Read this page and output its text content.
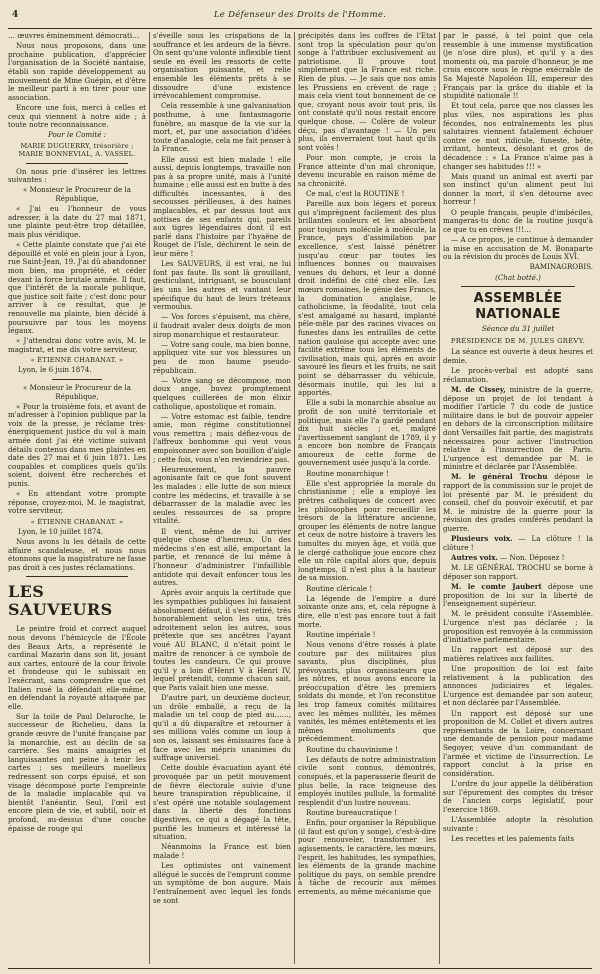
4	Le Défenseur des Droits de l'Homme.

… œuvres éminemment démocrati…

Nous nous proposons, dans une prochaine publication, d'apprécier l'organisation de la Société nantaise, établi son rapide développement au mouvement de Mme Guépin, et d'être le meilleur parti à en tirer pour une association.

Encore une fois, merci à celles et ceux qui viennent à notre aide ; à toute notre reconnaissance.

Pour le Comité :

MARIE DUGUERRY, trésorière ; MARIE BONNEVIAL, A. VASSEL.

On nous prie d'insérer les lettres suivantes :

« Monsieur le Procureur de la République,

« J'ai eu l'honneur de vous adresser, à la date du 27 mai 1871, une plainte peut-être trop détaillée, mais plus véridique.

« Cette plainte constate que j'ai été dépouillé et volé en plein jour à Lyon, rue Saint-Jean, 19. J'ai dû abandonner mon bien, ma propriété, et céder devant la force brutale armée. Il faut, que l'intérêt de la morale publique, que justice soit faite ; c'est donc pour arriver à ce résultat, que je renouvelle ma plainte, bien décidé à poursuivre par tous les moyens légaux.

« J'attendrai donc votre avis, M. le magistrat, et me dis votre serviteur,

« ÉTIENNE CHABANAT. »

Lyon, le 6 juin 1874.

« Monsieur le Procureur de la République,

« Pour la troisième fois, et avant de m'adresser à l'opinion publique par la voix de la presse, je réclame très-énergiquement justice du vol à main armée dont j'ai été victime suivant détails contenus dans mes plaintes en date des 27 mai et 6 juin 1871. Les coupables et complices quels qu'ils soient, doivent être recherchés et punis.

« En attendant votre prompte réponse, croyez-moi, M. le magistrat, votre serviteur,

« ÉTIENNE CHABANAT. »

Lyon, le 10 juillet 1874.

Nous avons lu les détails de cette affaire scandaleuse, et nous nous étonnons que la magistrature ne fasse pas droit à ces justes réclamations.

LES SAUVEURS

Le peintre froid et correct auquel nous devons l'hémicycle de l'École des Beaux Arts, a représenté le cardinal Mazarin dans son lit, jouant aux cartes, entouré de la cour frivole et frondeuse qui le subissait en l'exécrant, sans comprendre que cet Italien rusé la défendait elle-même, en défendant la royauté attaquée par elle.

Sur la toile de Paul Delaroche, le successeur de Richelieu, dans la grande œuvre de l'unité française par la monarchie, est au déclin de sa carrière. Ses mains amaigries et languissantes ont peine à tenir les cartes ; ses meilleurs moelleux redressent son corps épuisé, et son visage décomposé porte l'empreinte de la maladie implacable qui va bientôt l'anéantir. Seul, l'œil est encore plein de vie, et subtil, noir et profond, au-dessus d'une couche épaisse de rouge qui

s'éveille sous les crispations de la souffrance et les ardeurs de la fièvre. On sent qu'une volonté inflexible tient seule en éveil les ressorts de cette organisation puissante, et relie ensemble les éléments prêts à se dissoudre d'une existence irrévocablement compromise.

Cela ressemble à une galvanisation posthume, à une fantasmagorie funèbre, au masque de la vie sur la mort, et, par une association d'idées toute d'analogie, cela me fait penser à la France.

Elle aussi est bien malade ! elle aussi, depuis longtemps, travaille non pas à sa propre unité, mais à l'unité humaine ; elle aussi est en butte à des difficultés incessantes, à des secousses périlleuses, à des haines implacables, et par dessus tout aux sottises de ses enfants qui, pareils aux tigres légendaires dont il est parlé dans l'histoire par l'hyaëne de Rouget de l'Isle, déchirent le sein de leur mère !

Les SAUVEURS, il est vrai, ne lui font pas faute. Ils sont là grouillant, gesticulant, intriguant, se bousculant les uns les autres et vantant leur spécifique du haut de leurs tréteaux vermoulus.

— Vos forces s'épuisent, ma chère, il faudrait avaler deux doigts de mon sirop monarchique et restaurateur.

— Votre sang coule, ma bien bonne, appliquez vite sur vos blessures un peu de mon baume pseudo-républicain.

— Votre sang se décompose, mon doux ange, buvez promptement quelques cuillerées de mon élixir catholique, apostolique et romain.

— Votre estomac est faible, tendre amie, mon régime constitutionnel vous remettra ; mais défiez-vous de l'affreux bonhomme qui veut vous empoisonner avec son bouillon d'aigle ; cette fois, vous n'en reviendriez pas.

Heureusement, la pauvre agonisante fait ce que font souvent les malades : elle lutte de son mieux contre les médecins, et travaille à se débarrasser de la maladie avec les seules ressources de sa propre vitalité.

Il vient, même de lui arriver quelque chose d'heureux. Un des médecins s'en est allé, emportant la partie, et renoncé de lui même à l'honneur d'administrer l'infaillible antidote qui devait enfoncer tous les autres.

Après avoir acquis la certitude que les sympathies publiques lui faisaient absolument défaut, il s'est retiré, très honorablement selon les uns, très adroitement selon les autres, sous prétexte que ses ancêtres l'ayant voué AU BLANC, il n'était point le maître de renoncer à ce symbole de toutes les candeurs. Ce qui prouve qu'il y a loin d'Henri V à Henri IV, lequel prétendit, comme chacun sait, que Paris valait bien une messe.

D'autre part, un deuxième docteur, un drôle emballé, a reçu de la maladie un tel coup de pied au……, qu'il a dû disparaître et retourner à ses millions volés comme un loup à son os, laissant ses émissaires face à face avec les mépris unanimes du suffrage universel.

Cette double évacuation ayant été provoquée par un petit mouvement de fièvre électorale suivie d'une heure transpiration républicaine, il s'est opéré une notable soulagement dans la liberté des fonctions digestives, ce qui a dégagé la tête, purifié les humeurs et intéressé la situation.

Néanmoins la France est bien malade !

Les optimistes ont vainement allégué le succès de l'emprunt comme un symptôme de bon augure. Mais l'entraînement avec lequel les fonds se sont

précipités dans les coffres de l'État sont trop la spéculation pour qu'on songe à l'attribuer exclusivement au patriotisme. Il prouve tout simplement que la France est riche. Rien de plus. — Je sais que nos amis les Prussiens en crèvent de rage ; mais cela vient tout bonnement de ce que, croyant nous avoir tout pris, ils ont constaté qu'il nous restait encore quelque chose. — Colère de voleur déçu, pas d'avantage ! — Un peu plus, ils enverraient tout haut qu'ils sont volés !

Pour mon compte, je crois la France atteinte d'un mal chronique, devenu incurable en raison même de sa chronicité.

Ce mal, c'est la ROUTINE !

Pareille aux bois légers et poreux qui s'imprègnent facilement des plus brillantes couleurs et les absorbent pour toujours molécule à molécule, la France, pays d'assimilation par excellence, s'est laissé pénétrer jusqu'au cœur par toutes les influences bonnes ou mauvaises venues du dehors, et leur a donné droit indéfini de cité chez elle. Les mœurs romaines, le génie des Francs, la domination anglaise, le catholicisme, la féodalité, tout cela s'est amalgamé au hasard, implanté pêle-mêle par des racines vivaces ou funestes dans les entrailles de cette nation gauloise qui accepte avec une facilité extrême tous les éléments de civilisation, mais qui, après en avoir savouré les fleurs et les fruits, ne sait point se débarrasser du véhicule, désormais inutile, qui les lui a apportés.

Elle a subi la monarchie absolue au profit de son unité territoriale et politique, mais elle l'a gardé pendant dix huit siècles ; et, malgré l'avertissement sanglant de 1789, il y a encore bon nombre de Français amoureux de cette forme de gouvernement usée jusqu'à la corde.

Routine monarchique !

Elle s'est appropriée la morale du christianisme ; elle a employé les prêtres catholiques de concert avec les philosophes pour recueillir les trésors de la littérature ancienne, grouper les éléments de notre langue et ceux de notre histoire à travers les tumultes du moyen âge, et voilà que le clergé catholique joue encore chez elle un rôle capital alors que, depuis longtemps, il n'est plus à la hauteur de sa mission.

Routine cléricale !

La légende de l'empire a duré soixante onze ans, et, cela répugne à dire, elle n'est pas encore tout à fait morte.

Routine impériale !

Nous venons d'être rossés à plate couture par des militaires plus savants, plus disciplinés, plus prévoyants, plus organisateurs que les nôtres, et nous avons encore la préoccupation d'être les premiers soldats du monde, et l'on reconstitue les trop fameux comités militaires avec les mêmes nullités, les mêmes vanités, les mêmes entêtements et les mêmes émoluments que précédemment.

Routine du chauvinisme !

Les défauts de notre administration civile sont connus, démontrés, conspués, et la paperasserie fleurit de plus belle, la race teigneuse des employés inutiles pullule, la formalité resplendit d'un lustre nouveau.

Routine bureaucratique !

Enfin, pour organiser la République (il faut est qu'on y songe), c'est-à-dire pour renouveler, transformer les agissements, le caractère, les mœurs, l'esprit, les habitudes, les sympathies, les éléments de la grande machine politique du pays, on semble prendre à tâche de recourir aux mêmes errements, au même mécanisme que

par le passé, à tel point que cela ressemble à une immense mystification (je n'ose dire plus), et qu'il y a des moments où, ma parole d'honneur, je me crois encore sous le règne exécrable de Sa Majesté Napoléon III, empereur des Français par la grâce du diable et la stupidité nationale !!

Et tout cela, parce que nos classes les plus viles, nos aspirations les plus fécondes, nos entraînements les plus salutaires viennent fatalement échouer contre ce mot ridicule, funeste, bête, irritant, honteux, désolant et gros de décadence : « La France n'aime pas à changer ses habitudes !!! »

Mais quand un animal est averti par son instinct qu'un aliment peut lui donner la mort, il s'en détourne avec horreur !

O peuple français, peuple d'imbéciles, mangeras-tu donc de la routine jusqu'à ce que tu en crèves !!!…

— A ce propos, je continue à demander la mise en accusation de M. Bonaparte ou la révision du procès de Louis XVI.

BAMINAGROBIS.

(Chat botté.)

ASSEMBLÉE NATIONALE
Séance du 31 juillet
PRÉSIDENCE DE M. JULES GRÉVY.

La séance est ouverte à deux heures et demie.

Le procès-verbal est adopté sans réclamation.

M. de Cissey, ministre de la guerre, dépose un projet de loi tendant à modifier l'article 7 du code de justice militaire dans le but de pouvoir appeler en dehors de la circonscription militaire dont Versailles fait partie, des magistrats nécessaires pour activer l'instruction relative à l'insurrection de Paris. L'urgence est demandée par M. le ministre et déclarée par l'Assemblée.

M. le général Trochu dépose le rapport de la commission sur le projet de loi présenté par M. le président du conseil, chef du pouvoir exécutif, et par M. le ministre de la guerre pour la révision des grades conférés pendant la guerre.

Plusieurs voix. — La clôture ! la clôture !

Autres voix. — Non. Déposez !

M. LE GÉNÉRAL TROCHU se borne à déposer son rapport.

M. le comte Jaubert dépose une proposition de loi sur la liberté de l'enseignement supérieur.

M. le président consulte l'Assemblée. L'urgence n'est pas déclarée ; la proposition est renvoyée à la commission d'initiative parlementaire.

Un rapport est déposé sur des matières relatives aux faillites.

Une proposition de loi est faite relativement à la publication des annonces judiciaires et légales. L'urgence est demandée par son auteur, et non déclarée par l'Assemblée.

Un rapport est déposé sur une proposition de M. Collet et divers autres représentants de la Loire, concernant une demande de pension pour madame Segoyer, veuve d'un commandant de l'armée et victime de l'insurrection. Le rapport conclut à la prise en considération.

L'ordre du jour appelle la délibération sur l'épurement des comptes du trésor de l'ancien corps législatif, pour l'exercice 1869.

L'Assemblée adopte la résolution suivante :

Les recettes et les paiements faits
